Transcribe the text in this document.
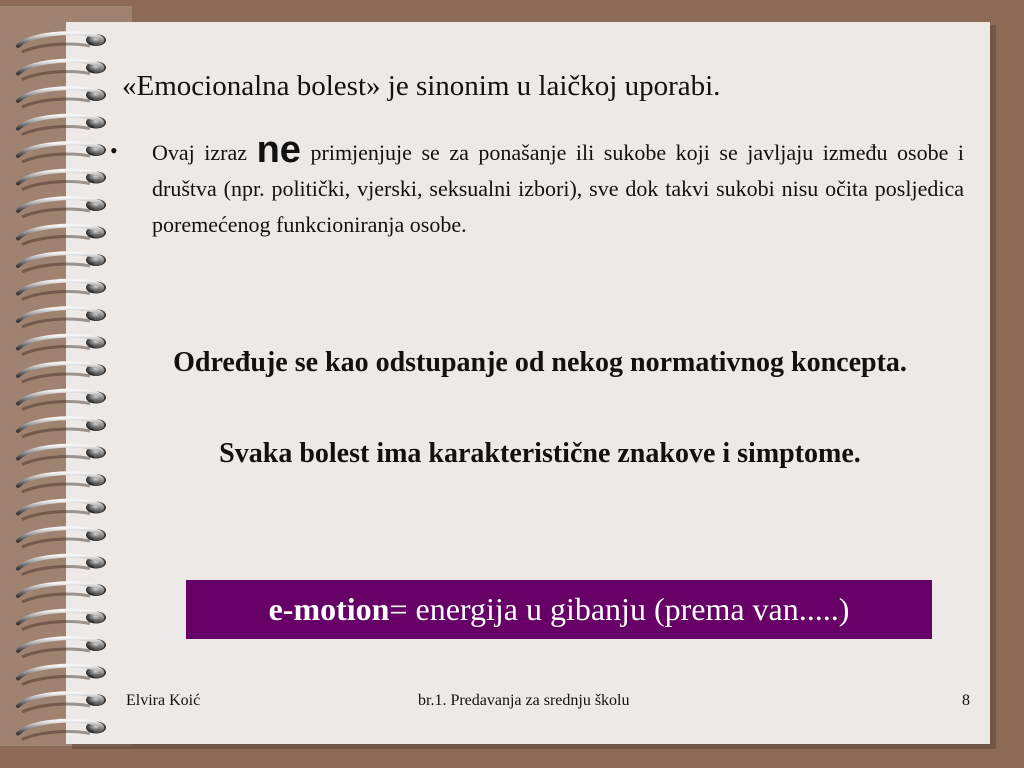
«Emocionalna bolest» je sinonim u laičkoj uporabi.

• Ovaj izraz ne primjenjuje se za ponašanje ili sukobe koji se javljaju između osobe i društva (npr. politički, vjerski, seksualni izbori), sve dok takvi sukobi nisu očita posljedica poremećenog funkcioniranja osobe.

Određuje se kao odstupanje od nekog normativnog koncepta.

Svaka bolest ima karakteristične znakove i simptome.

e-motion= energija u gibanju (prema van.....)
Elvira Koić	br.1. Predavanja za srednju školu	8
